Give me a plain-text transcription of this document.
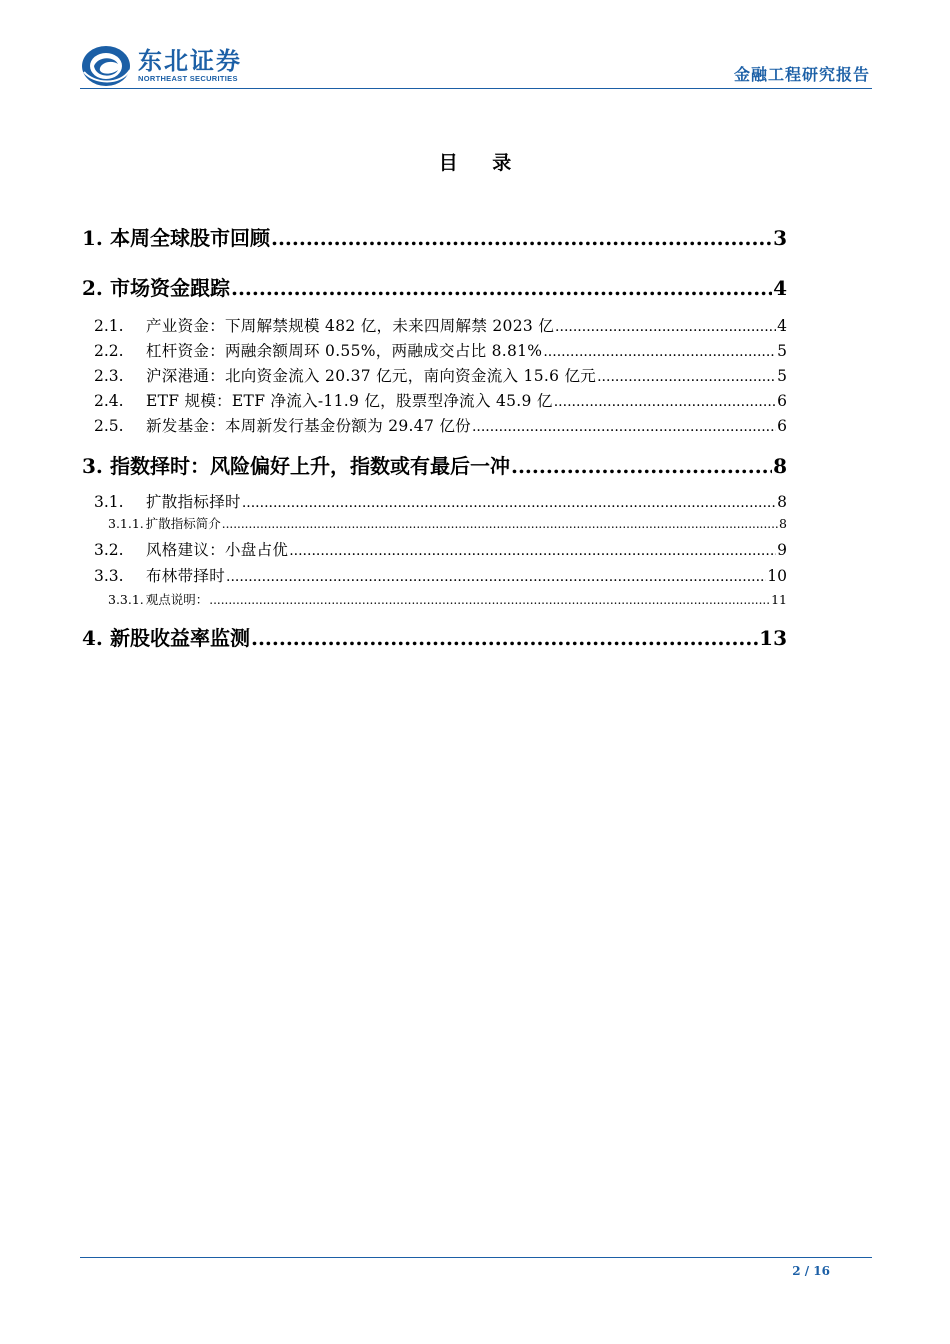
东北证券
NORTHEAST SECURITIES	金融工程研究报告
目 录
1. 本周全球股市回顾 .....	3
2. 市场资金跟踪 .....	4
2.1.	产业资金：下周解禁规模 482 亿，未来四周解禁 2023 亿 .....	4
2.2.	杠杆资金：两融余额周环 0.55%，两融成交占比 8.81% .....	5
2.3.	沪深港通：北向资金流入 20.37 亿元，南向资金流入 15.6 亿元 .....	5
2.4.	ETF 规模：ETF 净流入-11.9 亿，股票型净流入 45.9 亿 .....	6
2.5.	新发基金：本周新发行基金份额为 29.47 亿份 .....	6
3. 指数择时：风险偏好上升，指数或有最后一冲 .....	8
3.1.	扩散指标择时 .....	8
3.1.1. 扩散指标简介 .....	8
3.2.	风格建议：小盘占优 .....	9
3.3.	布林带择时 .....	10
3.3.1. 观点说明： .....	11
4. 新股收益率监测 .....	13
2 / 16
